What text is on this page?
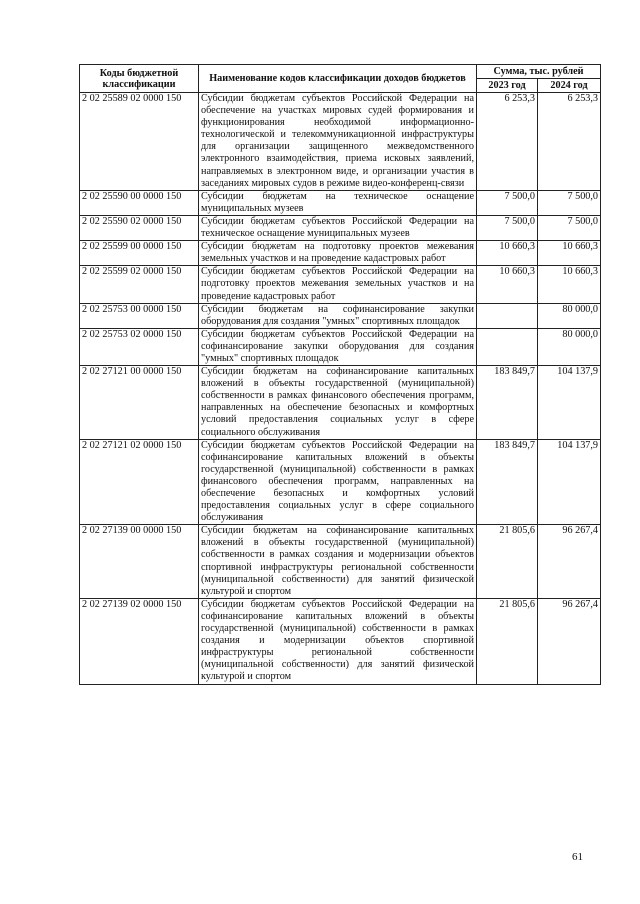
Коды бюджетной классификации	Наименование кодов классификации доходов бюджетов	Сумма, тыс. рублей	
		2023 год	2024 год
2 02 25589 02 0000 150	Субсидии бюджетам субъектов Российской Федерации на обеспечение на участках мировых судей формирования и функционирования необходимой информационно-технологической и телекоммуникационной инфраструктуры для организации защищенного межведомственного электронного взаимодействия, приема исковых заявлений, направляемых в электронном виде, и организации участия в заседаниях мировых судов в режиме видео-конференц-связи	6 253,3	6 253,3
2 02 25590 00 0000 150	Субсидии бюджетам на техническое оснащение муниципальных музеев	7 500,0	7 500,0
2 02 25590 02 0000 150	Субсидии бюджетам субъектов Российской Федерации на техническое оснащение муниципальных музеев	7 500,0	7 500,0
2 02 25599 00 0000 150	Субсидии бюджетам на подготовку проектов межевания земельных участков и на проведение кадастровых работ	10 660,3	10 660,3
2 02 25599 02 0000 150	Субсидии бюджетам субъектов Российской Федерации на подготовку проектов межевания земельных участков и на проведение кадастровых работ	10 660,3	10 660,3
2 02 25753 00 0000 150	Субсидии бюджетам на софинансирование закупки оборудования для создания "умных" спортивных площадок		80 000,0
2 02 25753 02 0000 150	Субсидии бюджетам субъектов Российской Федерации на софинансирование закупки оборудования для создания "умных" спортивных площадок		80 000,0
2 02 27121 00 0000 150	Субсидии бюджетам на софинансирование капитальных вложений в объекты государственной (муниципальной) собственности в рамках финансового обеспечения программ, направленных на обеспечение безопасных и комфортных условий предоставления социальных услуг в сфере социального обслуживания	183 849,7	104 137,9
2 02 27121 02 0000 150	Субсидии бюджетам субъектов Российской Федерации на софинансирование капитальных вложений в объекты государственной (муниципальной) собственности в рамках финансового обеспечения программ, направленных на обеспечение безопасных и комфортных условий предоставления социальных услуг в сфере социального обслуживания	183 849,7	104 137,9
2 02 27139 00 0000 150	Субсидии бюджетам на софинансирование капитальных вложений в объекты государственной (муниципальной) собственности в рамках создания и модернизации объектов спортивной инфраструктуры региональной собственности (муниципальной собственности) для занятий физической культурой и спортом	21 805,6	96 267,4
2 02 27139 02 0000 150	Субсидии бюджетам субъектов Российской Федерации на софинансирование капитальных вложений в объекты государственной (муниципальной) собственности в рамках создания и модернизации объектов спортивной инфраструктуры региональной собственности (муниципальной собственности) для занятий физической культурой и спортом	21 805,6	96 267,4
61
